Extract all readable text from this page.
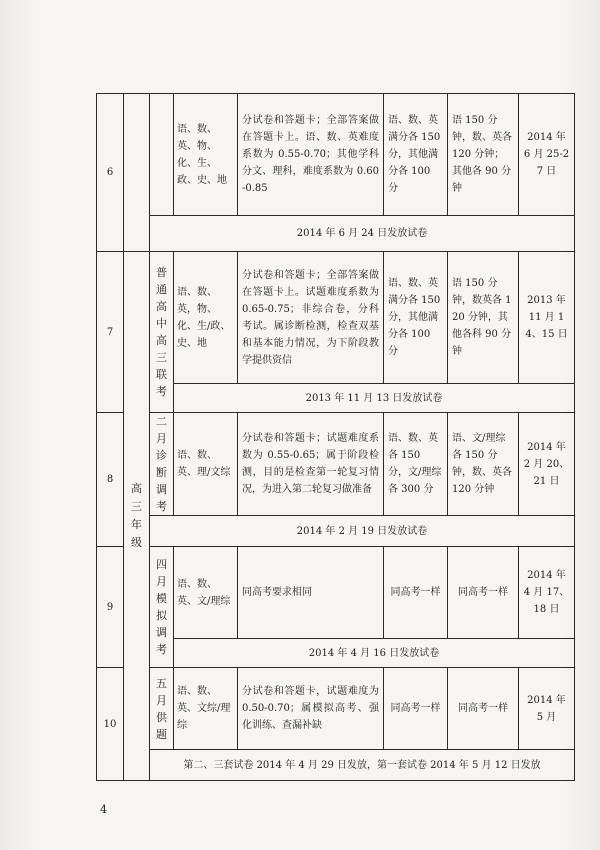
6			语、数、英、物、化、生、政、史、地	分试卷和答题卡；全部答案做在答题卡上。语、数、英难度系数为 0.55-0.70；其他学科分文、理科，难度系数为 0.60-0.85	语、数、英满分各 150 分，其他满分各 100 分	语 150 分钟，数、英各 120 分钟；其他各 90 分钟	2014 年 6 月 25-27 日
		2014 年 6 月 24 日发放试卷					
7	高三年级	普通高中高三联考	语、数、英，物、化、生/政、史、地	分试卷和答题卡；全部答案做在答题卡上。试题难度系数为 0.65-0.75；非综合卷，分科考试。属诊断检测，检查双基和基本能力情况，为下阶段教学提供资信	语、数、英满分各 150 分，其他满分各 100 分	语 150 分钟，数英各 120 分钟，其他各科 90 分钟	2013 年 11 月 14、15 日
			2013 年 11 月 13 日发放试卷				
8		二月诊断调考	语、数、英、理/文综	分试卷和答题卡；试题难度系数为 0.55-0.65；属于阶段检测，目的是检查第一轮复习情况，为进入第二轮复习做准备	语、数、英各 150 分，文/理综各 300 分	语、文/理综各 150 分钟，数、英各 120 分钟	2014 年 2 月 20、21 日
		2014 年 2 月 19 日发放试卷					
9		四月模拟调考	语、数、英、文/理综	同高考要求相同	同高考一样	同高考一样	2014 年 4 月 17、18 日
			2014 年 4 月 16 日发放试卷				
10		五月供题	语、数、英、文综/理综	分试卷和答题卡，试题难度为 0.50-0.70；属模拟高考、强化训练、查漏补缺	同高考一样	同高考一样	2014 年 5 月
		第二、三套试卷 2014 年 4 月 29 日发放，第一套试卷 2014 年 5 月 12 日发放					
4
